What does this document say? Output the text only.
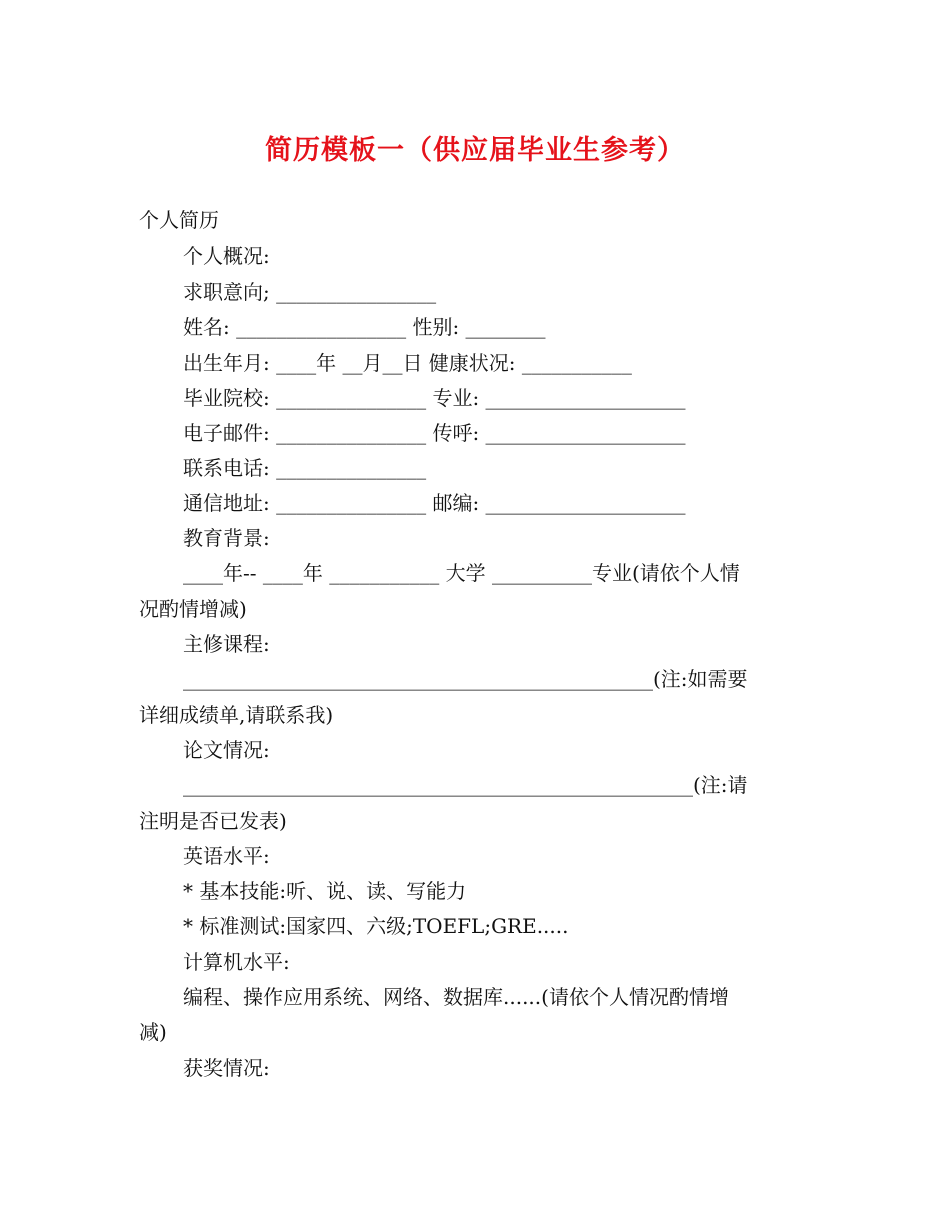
简历模板一（供应届毕业生参考）
个人简历
个人概况:
求职意向; ________________
姓名: _________________ 性别: ________
出生年月: ____年 __月__日 健康状况: ___________
毕业院校: _______________ 专业: ____________________
电子邮件: _______________ 传呼: ____________________
联系电话: _______________
通信地址: _______________ 邮编: ____________________
教育背景:
____年-- ____年 ___________ 大学 __________专业(请依个人情
况酌情增减)
主修课程:
_______________________________________________(注:如需要
详细成绩单,请联系我)
论文情况:
___________________________________________________(注:请
注明是否已发表)
英语水平:
* 基本技能:听、说、读、写能力
* 标准测试:国家四、六级;TOEFL;GRE.....
计算机水平:
编程、操作应用系统、网络、数据库......(请依个人情况酌情增
减)
获奖情况:
